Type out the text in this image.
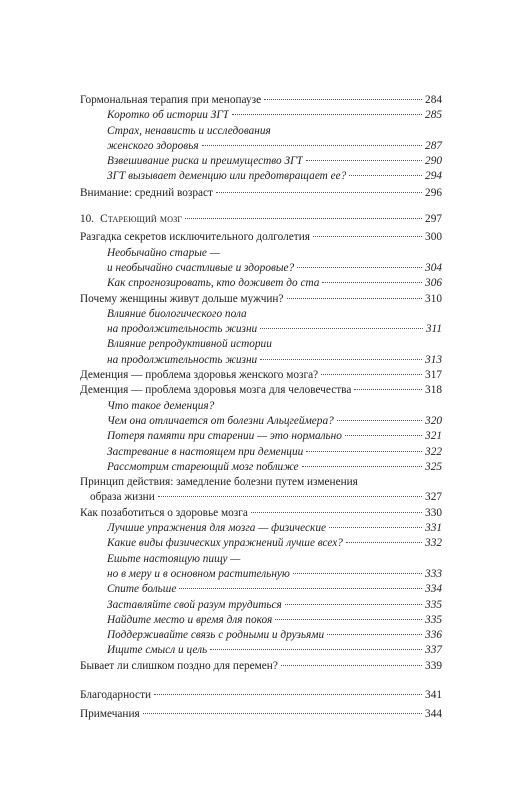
Гормональная терапия при менопаузе	284
Коротко об истории ЗГТ	285
Страх, ненависть и исследования
женского здоровья	287
Взвешивание риска и преимущество ЗГТ	290
ЗГТ вызывает деменцию или предотвращает ее?	294
Внимание: средний возраст	296
10. Стареющий мозг	297
Разгадка секретов исключительного долголетия	300
Необычайно старые —
и необычайно счастливые и здоровые?	304
Как спрогнозировать, кто доживет до ста	306
Почему женщины живут дольше мужчин?	310
Влияние биологического пола
на продолжительность жизни	311
Влияние репродуктивной истории
на продолжительность жизни	313
Деменция — проблема здоровья женского мозга?	317
Деменция — проблема здоровья мозга для человечества	318
Что такое деменция?
Чем она отличается от болезни Альцгеймера?	320
Потеря памяти при старении — это нормально	321
Застревание в настоящем при деменции	322
Рассмотрим стареющий мозг поближе	325
Принцип действия: замедление болезни путем изменения
образа жизни	327
Как позаботиться о здоровье мозга	330
Лучшие упражнения для мозга — физические	331
Какие виды физических упражнений лучше всех?	332
Ешьте настоящую пищу —
но в меру и в основном растительную	333
Спите больше	334
Заставляйте свой разум трудиться	335
Найдите место и время для покоя	335
Поддерживайте связь с родными и друзьями	336
Ищите смысл и цель	337
Бывает ли слишком поздно для перемен?	339
Благодарности	341
Примечания	344
